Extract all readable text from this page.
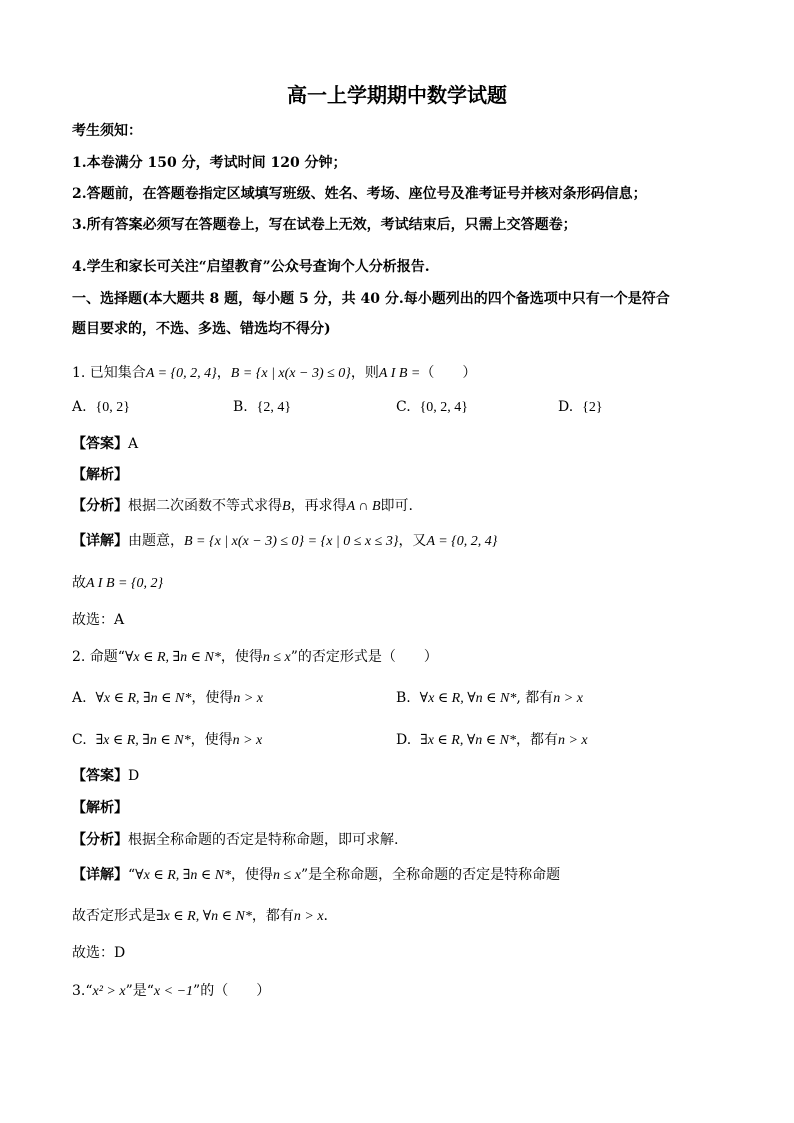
高一上学期期中数学试题
考生须知：
1.本卷满分 150 分，考试时间 120 分钟；
2.答题前，在答题卷指定区域填写班级、姓名、考场、座位号及准考证号并核对条形码信息；
3.所有答案必须写在答题卷上，写在试卷上无效，考试结束后，只需上交答题卷；
4.学生和家长可关注“启望教育”公众号查询个人分析报告.
一、选择题(本大题共 8 题，每小题 5 分，共 40 分.每小题列出的四个备选项中只有一个是符合
题目要求的，不选、多选、错选均不得分)
1. 已知集合A = {0, 2, 4}，B = {x | x(x − 3) ≤ 0}，则A I B =（　　）
A. {0, 2}	B. {2, 4}	C. {0, 2, 4}	D. {2}
【答案】A
【解析】
【分析】根据二次函数不等式求得B，再求得A ∩ B即可.
【详解】由题意，B = {x | x(x − 3) ≤ 0} = {x | 0 ≤ x ≤ 3}，又A = {0, 2, 4}
故A I B = {0, 2}
故选：A
2. 命题“∀x ∈ R, ∃n ∈ N*，使得n ≤ x”的否定形式是（　　）
A. ∀x ∈ R, ∃n ∈ N*，使得n > x	B. ∀x ∈ R, ∀n ∈ N*, 都有n > x
C. ∃x ∈ R, ∃n ∈ N*，使得n > x	D. ∃x ∈ R, ∀n ∈ N*，都有n > x
【答案】D
【解析】
【分析】根据全称命题的否定是特称命题，即可求解.
【详解】“∀x ∈ R, ∃n ∈ N*，使得n ≤ x”是全称命题，全称命题的否定是特称命题
故否定形式是∃x ∈ R, ∀n ∈ N*，都有n > x.
故选：D
3.“x² > x”是“x < −1”的（　　）
